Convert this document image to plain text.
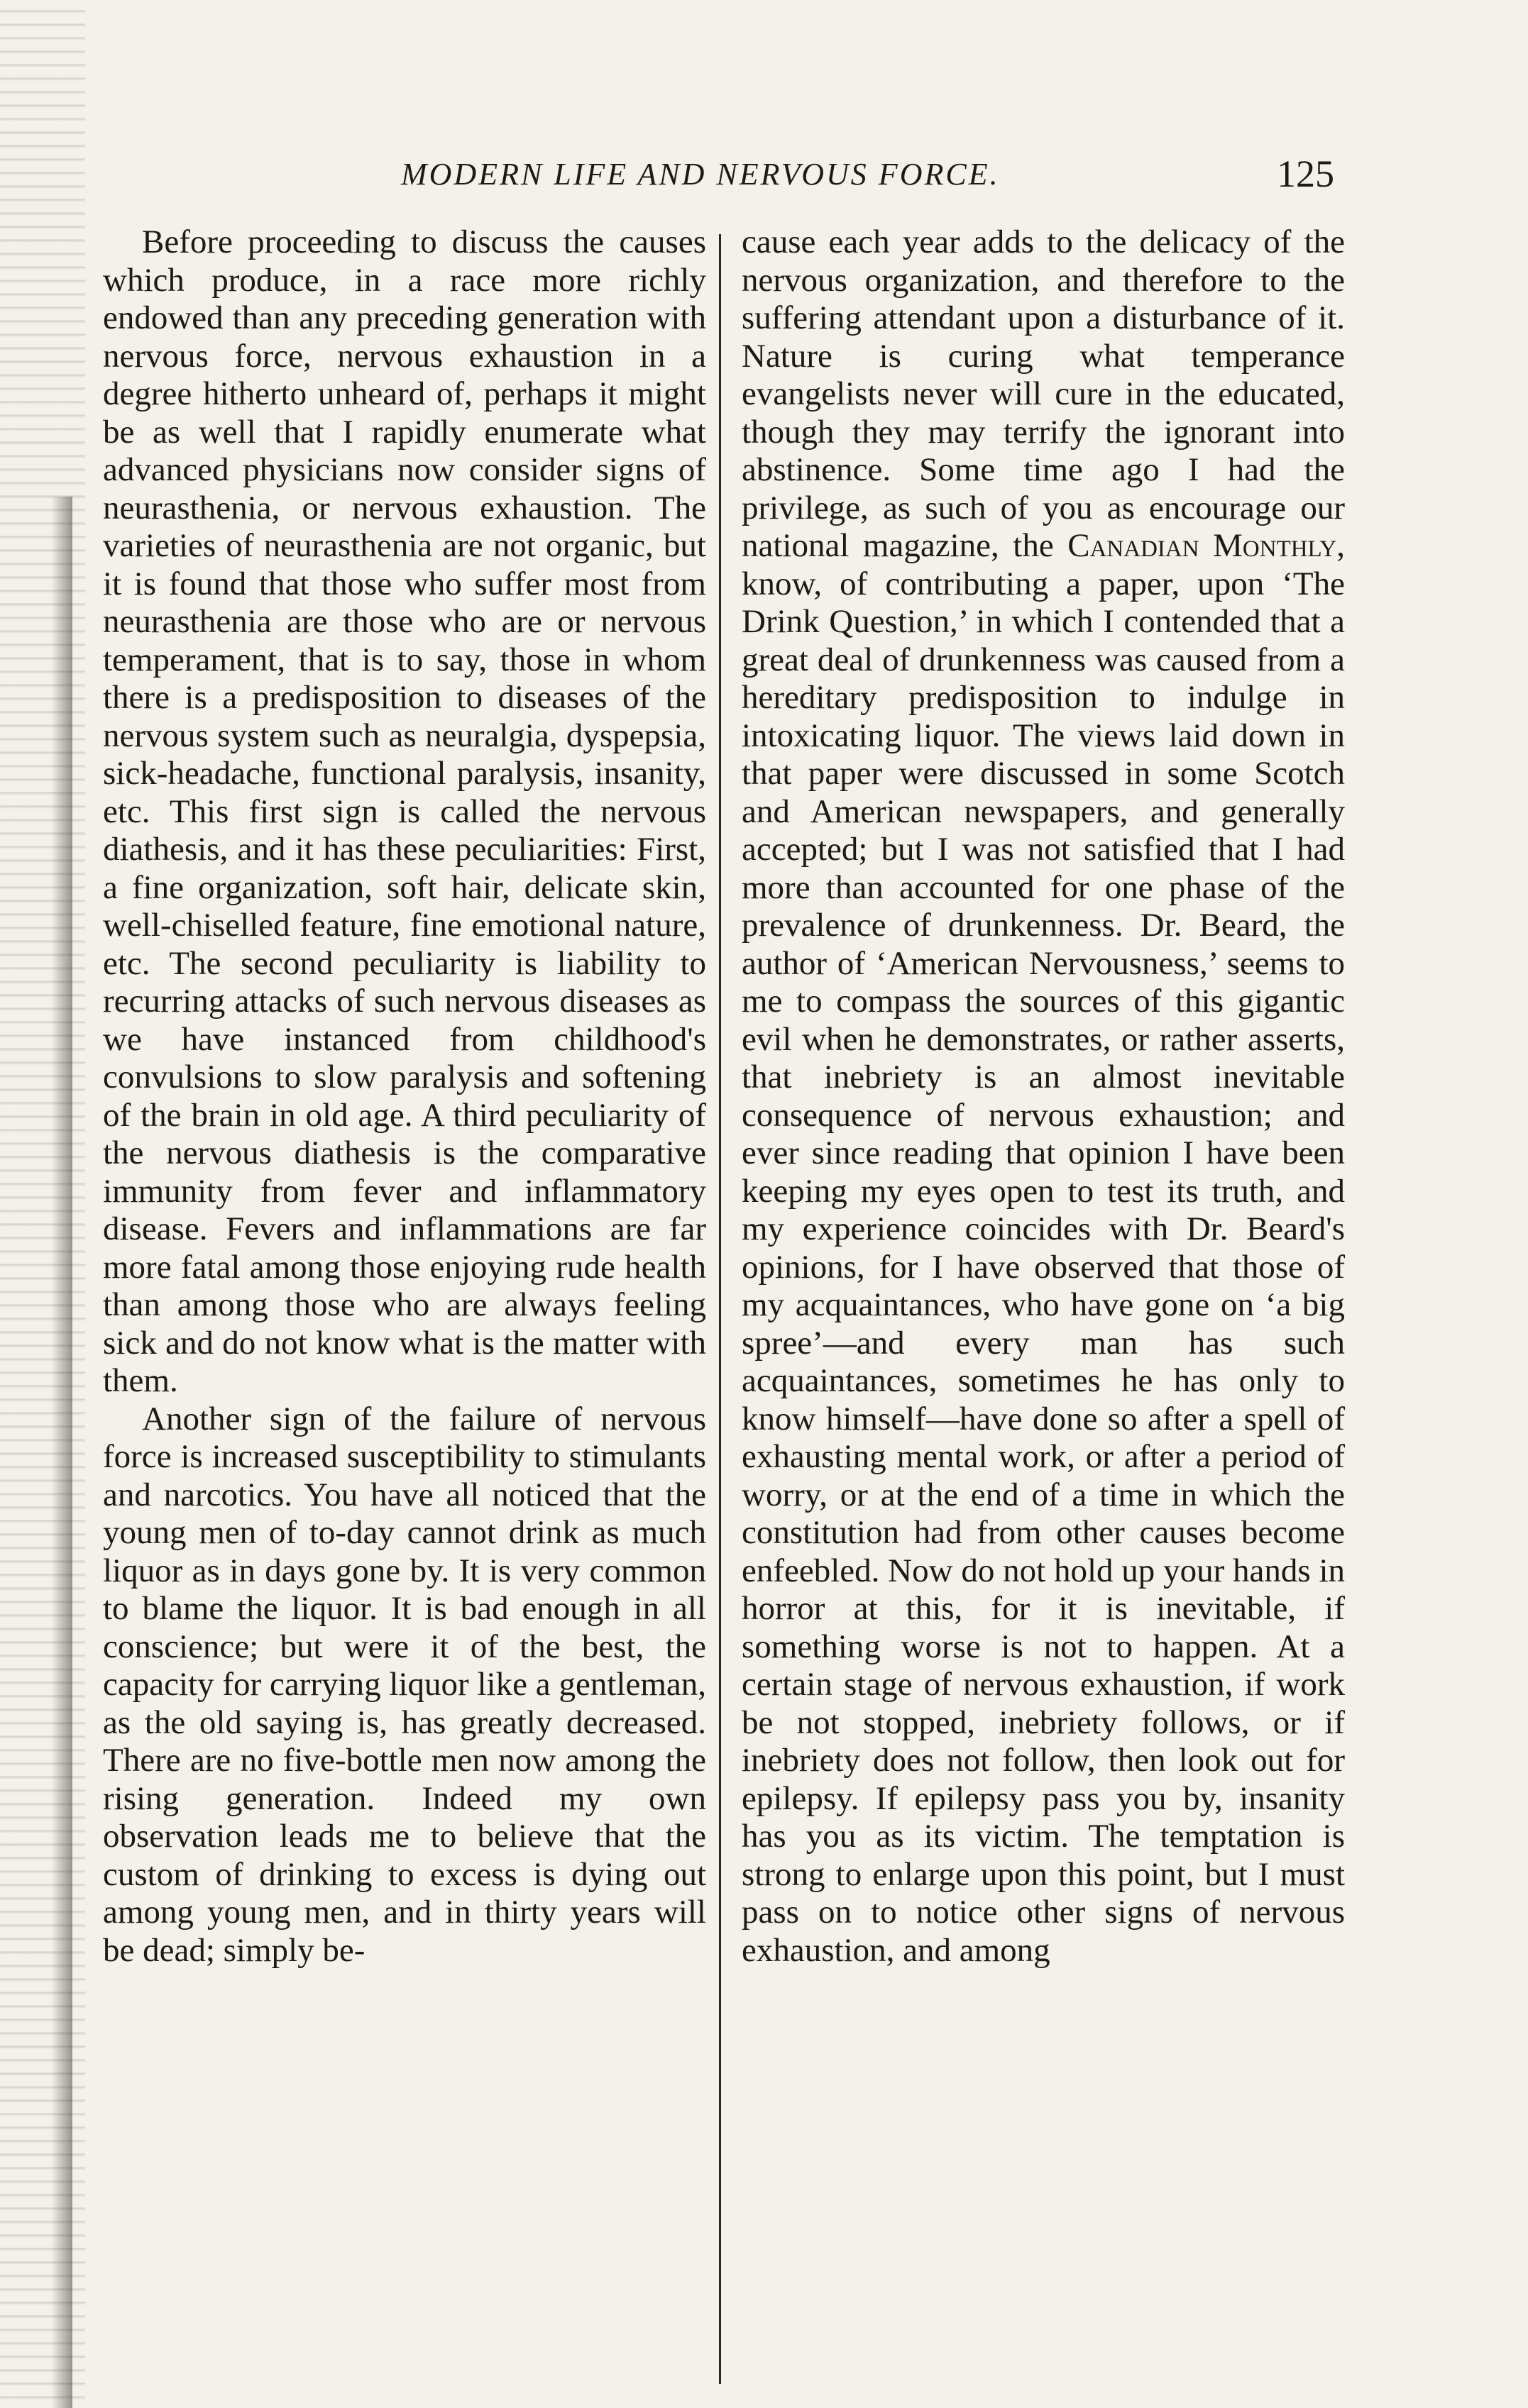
MODERN LIFE AND NERVOUS FORCE.	125

Before proceeding to discuss the causes which produce, in a race more richly endowed than any preceding generation with nervous force, nervous exhaustion in a degree hitherto unheard of, perhaps it might be as well that I rapidly enumerate what advanced physicians now consider signs of neurasthenia, or nervous exhaustion. The varieties of neurasthenia are not organic, but it is found that those who suffer most from neurasthenia are those who are or nervous temperament, that is to say, those in whom there is a predisposition to diseases of the nervous system such as neuralgia, dyspepsia, sick-headache, functional paralysis, insanity, etc. This first sign is called the nervous diathesis, and it has these peculiarities: First, a fine organization, soft hair, delicate skin, well-chiselled feature, fine emotional nature, etc. The second peculiarity is liability to recurring attacks of such nervous diseases as we have instanced from childhood's convulsions to slow paralysis and softening of the brain in old age. A third peculiarity of the nervous diathesis is the comparative immunity from fever and inflammatory disease. Fevers and inflammations are far more fatal among those enjoying rude health than among those who are always feeling sick and do not know what is the matter with them.

Another sign of the failure of nervous force is increased susceptibility to stimulants and narcotics. You have all noticed that the young men of to-day cannot drink as much liquor as in days gone by. It is very common to blame the liquor. It is bad enough in all conscience; but were it of the best, the capacity for carrying liquor like a gentleman, as the old saying is, has greatly decreased. There are no five-bottle men now among the rising generation. Indeed my own observation leads me to believe that the custom of drinking to excess is dying out among young men, and in thirty years will be dead; simply be-

cause each year adds to the delicacy of the nervous organization, and therefore to the suffering attendant upon a disturbance of it. Nature is curing what temperance evangelists never will cure in the educated, though they may terrify the ignorant into abstinence. Some time ago I had the privilege, as such of you as encourage our national magazine, the Canadian Monthly, know, of contributing a paper, upon ‘The Drink Question,’ in which I contended that a great deal of drunkenness was caused from a hereditary predisposition to indulge in intoxicating liquor. The views laid down in that paper were discussed in some Scotch and American newspapers, and generally accepted; but I was not satisfied that I had more than accounted for one phase of the prevalence of drunkenness. Dr. Beard, the author of ‘American Nervousness,’ seems to me to compass the sources of this gigantic evil when he demonstrates, or rather asserts, that inebriety is an almost inevitable consequence of nervous exhaustion; and ever since reading that opinion I have been keeping my eyes open to test its truth, and my experience coincides with Dr. Beard's opinions, for I have observed that those of my acquaintances, who have gone on ‘a big spree’—and every man has such acquaintances, sometimes he has only to know himself—have done so after a spell of exhausting mental work, or after a period of worry, or at the end of a time in which the constitution had from other causes become enfeebled. Now do not hold up your hands in horror at this, for it is inevitable, if something worse is not to happen. At a certain stage of nervous exhaustion, if work be not stopped, inebriety follows, or if inebriety does not follow, then look out for epilepsy. If epilepsy pass you by, insanity has you as its victim. The temptation is strong to enlarge upon this point, but I must pass on to notice other signs of nervous exhaustion, and among
